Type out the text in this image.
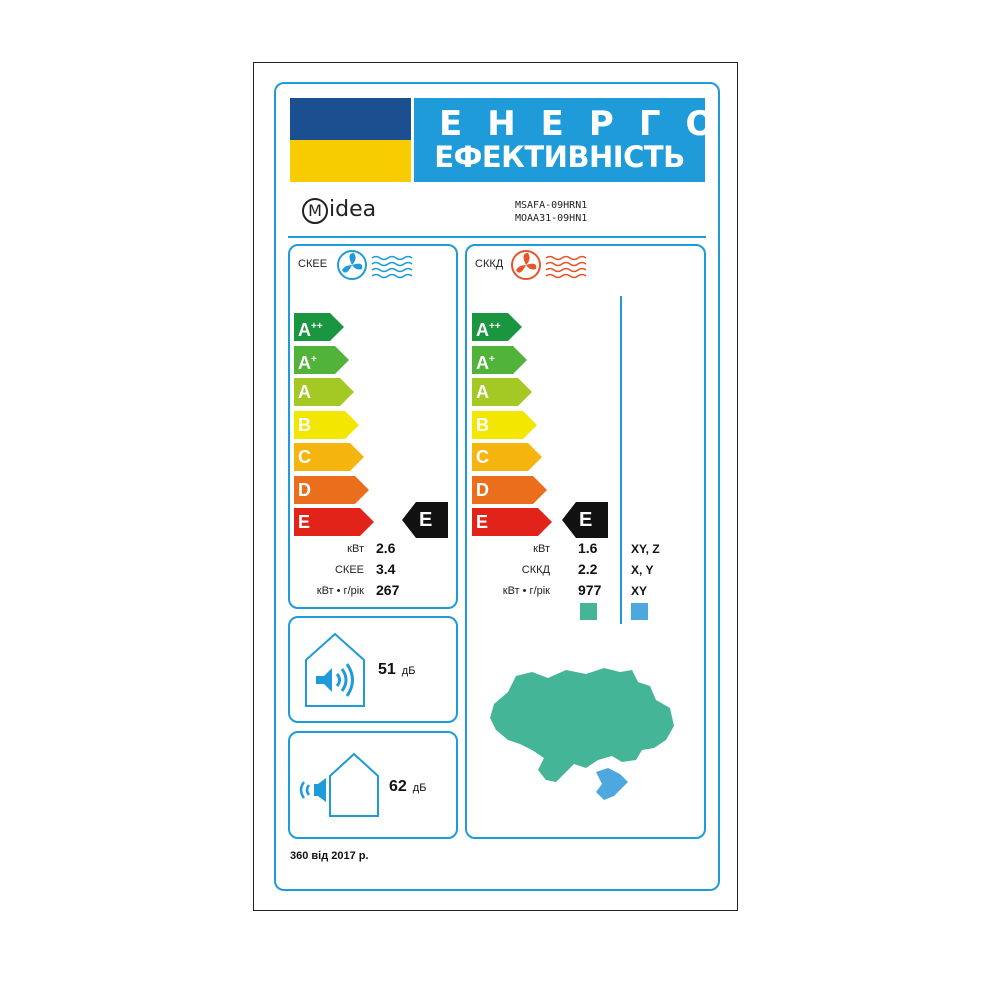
ЕНЕРГО
ЕФЕКТИВНІСТЬ
M idea	MSAFA-09HRN1
MOAA31-09HN1
СКЕЕ
A++
A+
A
B
C
D
E	E
кВт 2.6
СКЕЕ 3.4
кВт • г/рік 267
СККД
A++
A+
A
B
C
D
E	E
кВт 1.6	XY, Z
СККД 2.2	X, Y
кВт • г/рік 977 XY
51 дБ
62 дБ
360 від 2017 р.
